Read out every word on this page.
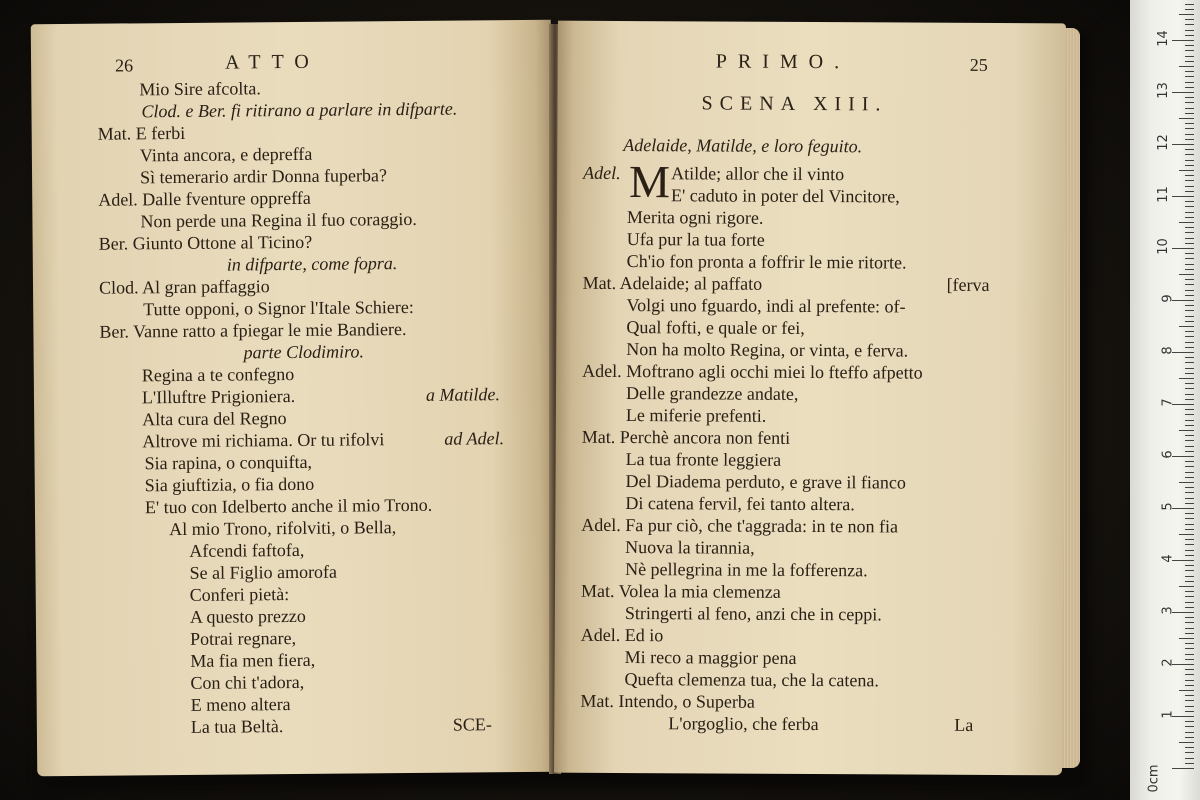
26	ATTO
Mio Sire afcolta.
Clod. e Ber. fi ritirano a parlare in difparte.
Mat. E ferbi
Vinta ancora, e depreffa
Sì temerario ardir Donna fuperba?
Adel. Dalle fventure oppreffa
Non perde una Regina il fuo coraggio.
Ber. Giunto Ottone al Ticino?
in difparte, come fopra.
Clod. Al gran paffaggio
Tutte opponi, o Signor l'Itale Schiere:
Ber. Vanne ratto a fpiegar le mie Bandiere.
parte Clodimiro.
Regina a te confegno
L'Illuftre Prigioniera.	a Matilde.
Alta cura del Regno
Altrove mi richiama. Or tu rifolvi	ad Adel.
Sia rapina, o conquifta,
Sia giuftizia, o fia dono
E' tuo con Idelberto anche il mio Trono.
Al mio Trono, rifolviti, o Bella,
Afcendi faftofa,
Se al Figlio amorofa
Conferi pietà:
A questo prezzo
Potrai regnare,
Ma fia men fiera,
Con chi t'adora,
E meno altera
La tua Beltà.	SCE-
PRIMO.	25
SCENA XIII.
Adelaide, Matilde, e loro feguito.
Adel. M Atilde; allor che il vinto
E' caduto in poter del Vincitore,
Merita ogni rigore.
Ufa pur la tua forte
Ch'io fon pronta a foffrir le mie ritorte.
Mat. Adelaide; al paffato	[ferva
Volgi uno fguardo, indi al prefente: of-
Qual fofti, e quale or fei,
Non ha molto Regina, or vinta, e ferva.
Adel. Moftrano agli occhi miei lo fteffo afpetto
Delle grandezze andate,
Le miferie prefenti.
Mat. Perchè ancora non fenti
La tua fronte leggiera
Del Diadema perduto, e grave il fianco
Di catena fervil, fei tanto altera.
Adel. Fa pur ciò, che t'aggrada: in te non fia
Nuova la tirannia,
Nè pellegrina in me la fofferenza.
Mat. Volea la mia clemenza
Stringerti al feno, anzi che in ceppi.
Adel. Ed io
Mi reco a maggior pena
Quefta clemenza tua, che la catena.
Mat. Intendo, o Superba
L'orgoglio, che ferba	La
1
2
3
4
5
6
7
8
9
10
11
12
13
14
0cm
